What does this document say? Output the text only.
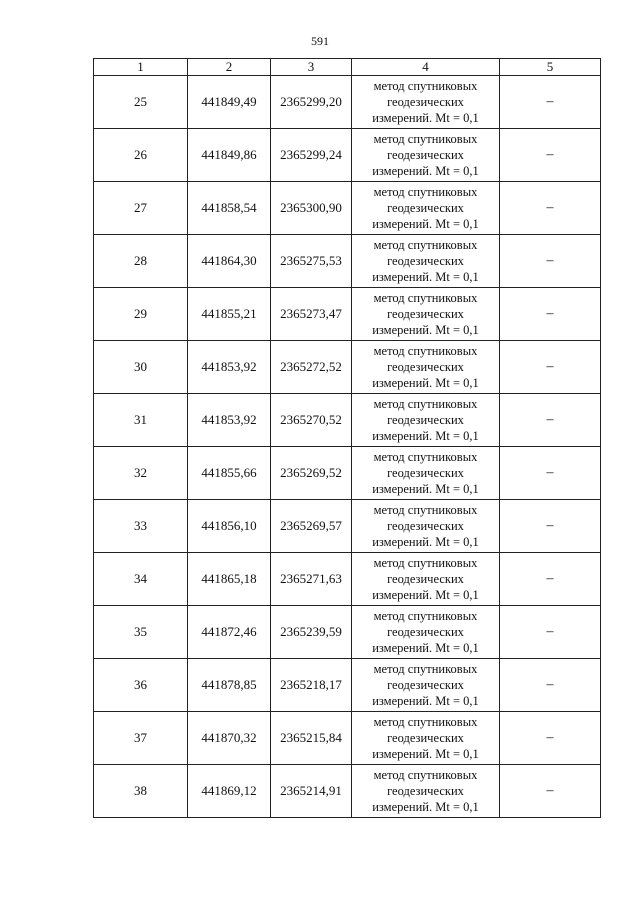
591
1	2	3	4	5
25	441849,49	2365299,20	метод спутниковых
геодезических
измерений. Mt = 0,1	–
26	441849,86	2365299,24	метод спутниковых
геодезических
измерений. Mt = 0,1	–
27	441858,54	2365300,90	метод спутниковых
геодезических
измерений. Mt = 0,1	–
28	441864,30	2365275,53	метод спутниковых
геодезических
измерений. Mt = 0,1	–
29	441855,21	2365273,47	метод спутниковых
геодезических
измерений. Mt = 0,1	–
30	441853,92	2365272,52	метод спутниковых
геодезических
измерений. Mt = 0,1	–
31	441853,92	2365270,52	метод спутниковых
геодезических
измерений. Mt = 0,1	–
32	441855,66	2365269,52	метод спутниковых
геодезических
измерений. Mt = 0,1	–
33	441856,10	2365269,57	метод спутниковых
геодезических
измерений. Mt = 0,1	–
34	441865,18	2365271,63	метод спутниковых
геодезических
измерений. Mt = 0,1	–
35	441872,46	2365239,59	метод спутниковых
геодезических
измерений. Mt = 0,1	–
36	441878,85	2365218,17	метод спутниковых
геодезических
измерений. Mt = 0,1	–
37	441870,32	2365215,84	метод спутниковых
геодезических
измерений. Mt = 0,1	–
38	441869,12	2365214,91	метод спутниковых
геодезических
измерений. Mt = 0,1	–
